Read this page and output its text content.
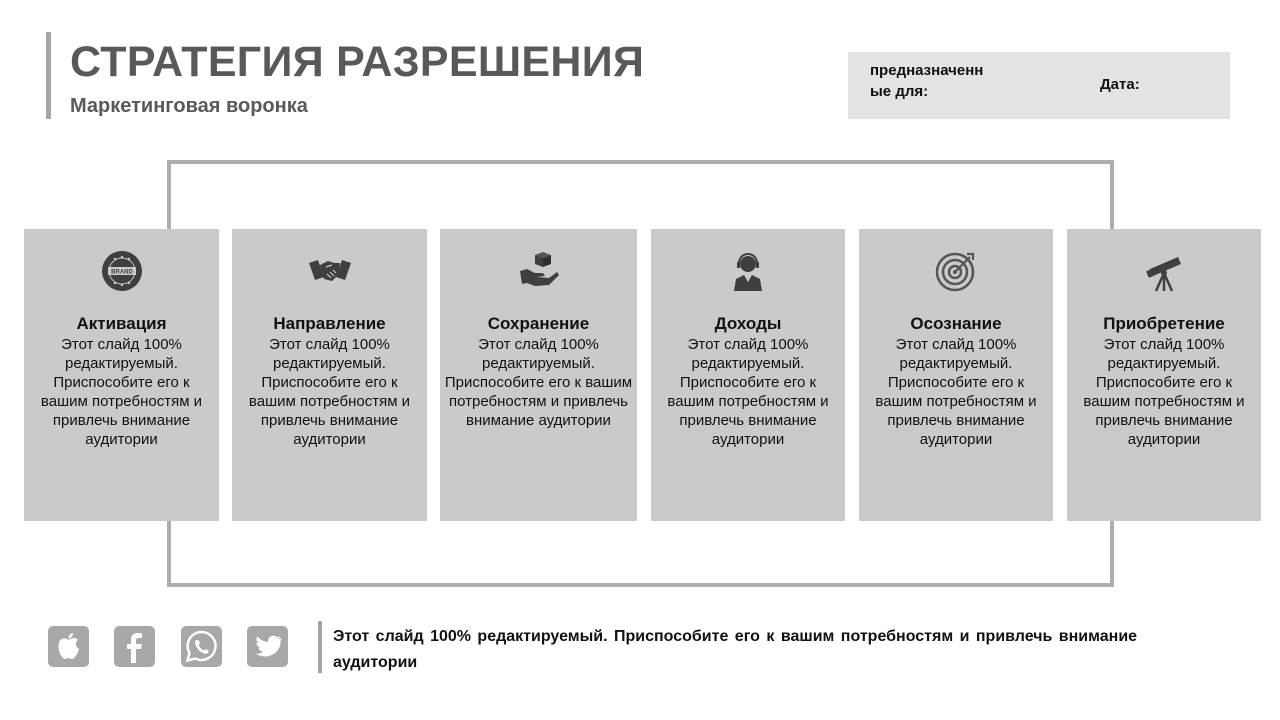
СТРАТЕГИЯ РАЗРЕШЕНИЯ
Маркетинговая воронка
предназначенные для:	Дата:
BRAND
Активация
Этот слайд 100% редактируемый. Приспособите его к вашим потребностям и привлечь внимание аудитории
Направление
Этот слайд 100% редактируемый. Приспособите его к вашим потребностям и привлечь внимание аудитории
Сохранение
Этот слайд 100% редактируемый. Приспособите его к вашим потребностям и привлечь внимание аудитории
Доходы
Этот слайд 100% редактируемый. Приспособите его к вашим потребностям и привлечь внимание аудитории
Осознание
Этот слайд 100% редактируемый. Приспособите его к вашим потребностям и привлечь внимание аудитории
Приобретение
Этот слайд 100% редактируемый. Приспособите его к вашим потребностям и привлечь внимание аудитории
Этот слайд 100% редактируемый. Приспособите его к вашим потребностям и привлечь внимание аудитории
